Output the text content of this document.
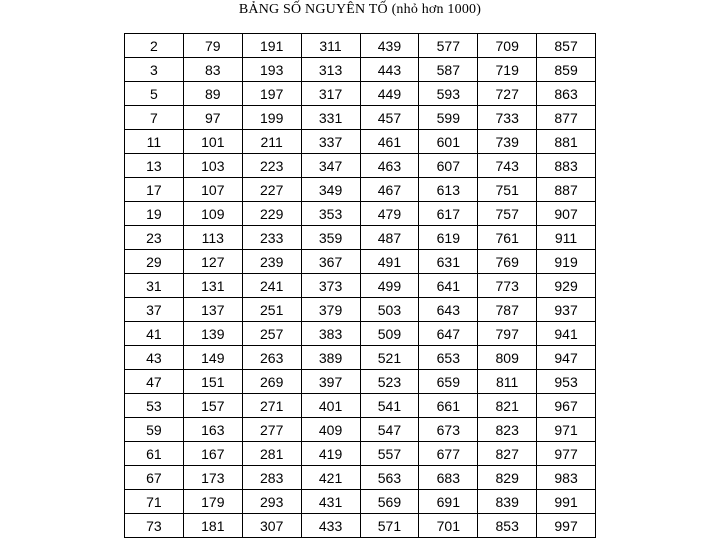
BẢNG SỐ NGUYÊN TỐ (nhỏ hơn 1000)
2	79	191	311	439	577	709	857
3	83	193	313	443	587	719	859
5	89	197	317	449	593	727	863
7	97	199	331	457	599	733	877
11	101	211	337	461	601	739	881
13	103	223	347	463	607	743	883
17	107	227	349	467	613	751	887
19	109	229	353	479	617	757	907
23	113	233	359	487	619	761	911
29	127	239	367	491	631	769	919
31	131	241	373	499	641	773	929
37	137	251	379	503	643	787	937
41	139	257	383	509	647	797	941
43	149	263	389	521	653	809	947
47	151	269	397	523	659	811	953
53	157	271	401	541	661	821	967
59	163	277	409	547	673	823	971
61	167	281	419	557	677	827	977
67	173	283	421	563	683	829	983
71	179	293	431	569	691	839	991
73	181	307	433	571	701	853	997
